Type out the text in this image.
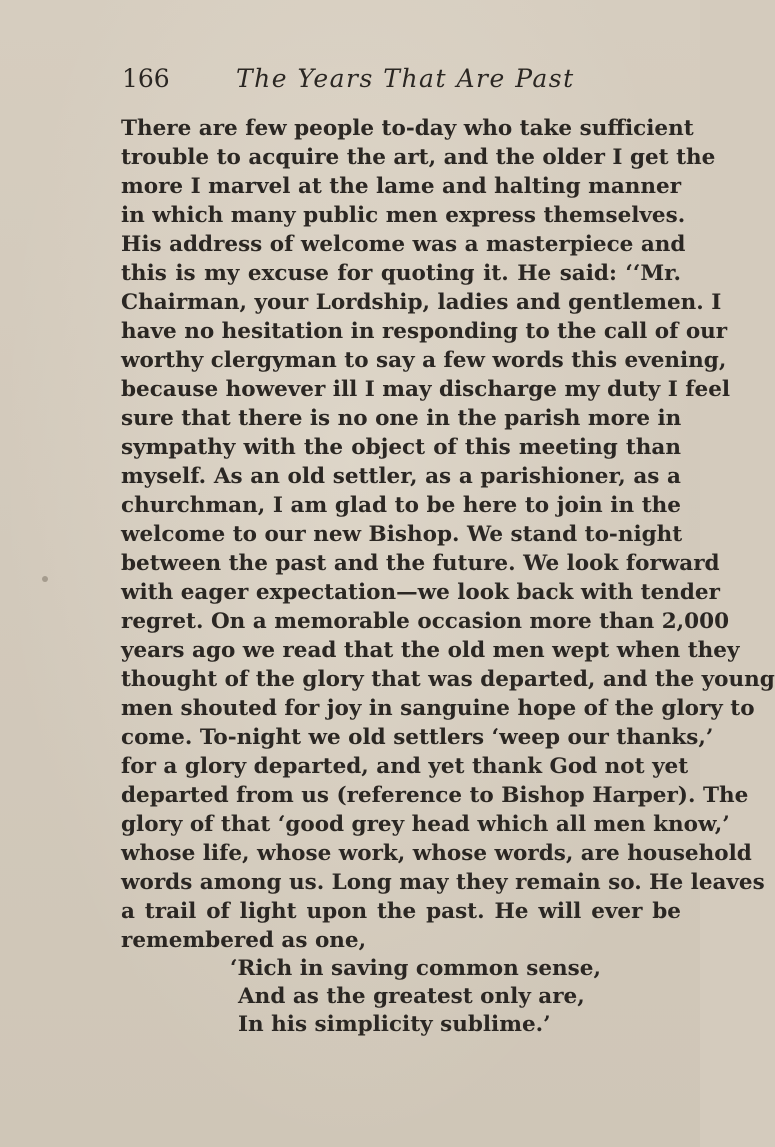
166	The Years That Are Past
There are few people to-day who take sufficient
trouble to acquire the art, and the older I get the
more I marvel at the lame and halting manner
in which many public men express themselves.
His address of welcome was a masterpiece and
this is my excuse for quoting it. He said: ‘‘Mr.
Chairman, your Lordship, ladies and gentlemen. I
have no hesitation in responding to the call of our
worthy clergyman to say a few words this evening,
because however ill I may discharge my duty I feel
sure that there is no one in the parish more in
sympathy with the object of this meeting than
myself. As an old settler, as a parishioner, as a
churchman, I am glad to be here to join in the
welcome to our new Bishop. We stand to-night
between the past and the future. We look forward
with eager expectation—we look back with tender
regret. On a memorable occasion more than 2,000
years ago we read that the old men wept when they
thought of the glory that was departed, and the young
men shouted for joy in sanguine hope of the glory to
come. To-night we old settlers ‘weep our thanks,’
for a glory departed, and yet thank God not yet
departed from us (reference to Bishop Harper). The
glory of that ‘good grey head which all men know,’
whose life, whose work, whose words, are household
words among us. Long may they remain so. He leaves
a trail of light upon the past. He will ever be
remembered as one,
‘Rich in saving common sense,
And as the greatest only are,
In his simplicity sublime.’
